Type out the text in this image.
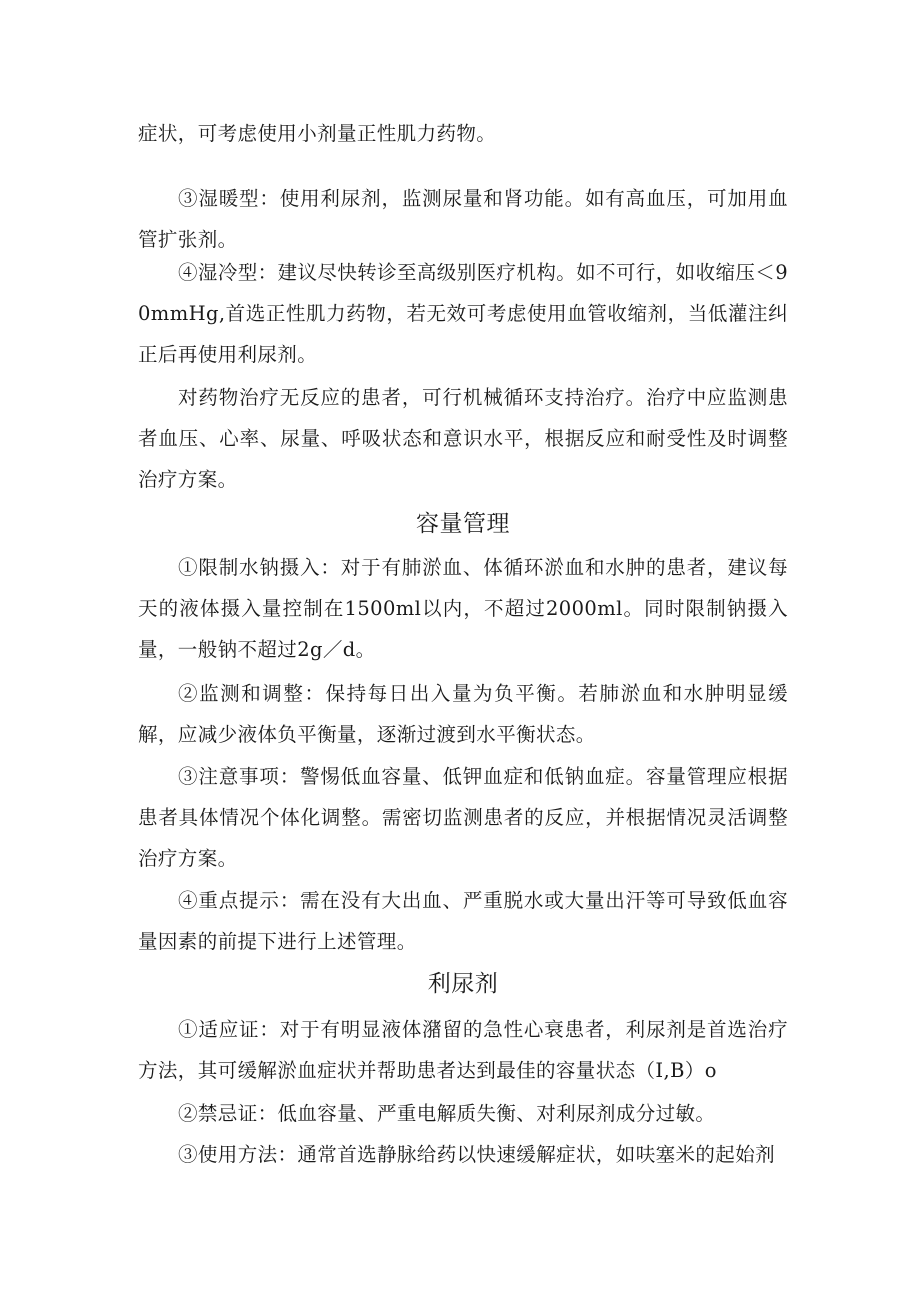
症状，可考虑使用小剂量正性肌力药物。

③湿暖型：使用利尿剂，监测尿量和肾功能。如有高血压，可加用血管扩张剂。

④湿冷型：建议尽快转诊至高级别医疗机构。如不可行，如收缩压＜90mmHg,首选正性肌力药物，若无效可考虑使用血管收缩剂，当低灌注纠正后再使用利尿剂。

对药物治疗无反应的患者，可行机械循环支持治疗。治疗中应监测患者血压、心率、尿量、呼吸状态和意识水平，根据反应和耐受性及时调整治疗方案。

容量管理

①限制水钠摄入：对于有肺淤血、体循环淤血和水肿的患者，建议每天的液体摄入量控制在1500ml以内，不超过2000ml。同时限制钠摄入量，一般钠不超过2g／d。

②监测和调整：保持每日出入量为负平衡。若肺淤血和水肿明显缓解，应减少液体负平衡量，逐渐过渡到水平衡状态。

③注意事项：警惕低血容量、低钾血症和低钠血症。容量管理应根据患者具体情况个体化调整。需密切监测患者的反应，并根据情况灵活调整治疗方案。

④重点提示：需在没有大出血、严重脱水或大量出汗等可导致低血容量因素的前提下进行上述管理。

利尿剂

①适应证：对于有明显液体潴留的急性心衰患者，利尿剂是首选治疗方法，其可缓解淤血症状并帮助患者达到最佳的容量状态（I,B）o

②禁忌证：低血容量、严重电解质失衡、对利尿剂成分过敏。

③使用方法：通常首选静脉给药以快速缓解症状，如呋塞米的起始剂
